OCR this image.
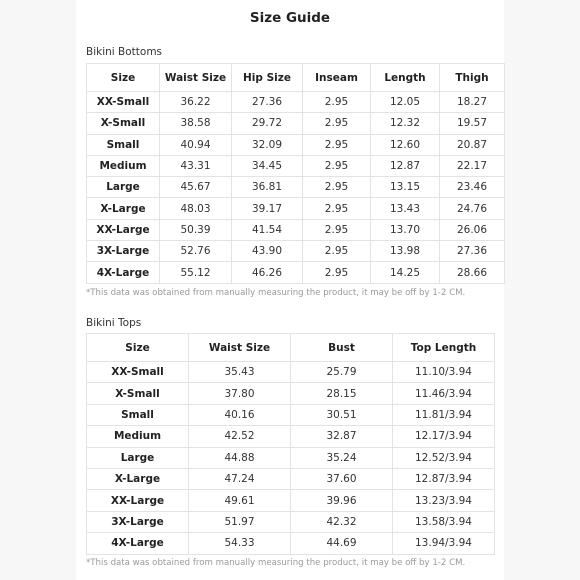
Size Guide
Bikini Bottoms
Size	Waist Size	Hip Size	Inseam	Length	Thigh
XX-Small	36.22	27.36	2.95	12.05	18.27
X-Small	38.58	29.72	2.95	12.32	19.57
Small	40.94	32.09	2.95	12.60	20.87
Medium	43.31	34.45	2.95	12.87	22.17
Large	45.67	36.81	2.95	13.15	23.46
X-Large	48.03	39.17	2.95	13.43	24.76
XX-Large	50.39	41.54	2.95	13.70	26.06
3X-Large	52.76	43.90	2.95	13.98	27.36
4X-Large	55.12	46.26	2.95	14.25	28.66
*This data was obtained from manually measuring the product, it may be off by 1-2 CM.
Bikini Tops
Size	Waist Size	Bust	Top Length
XX-Small	35.43	25.79	11.10/3.94
X-Small	37.80	28.15	11.46/3.94
Small	40.16	30.51	11.81/3.94
Medium	42.52	32.87	12.17/3.94
Large	44.88	35.24	12.52/3.94
X-Large	47.24	37.60	12.87/3.94
XX-Large	49.61	39.96	13.23/3.94
3X-Large	51.97	42.32	13.58/3.94
4X-Large	54.33	44.69	13.94/3.94
*This data was obtained from manually measuring the product, it may be off by 1-2 CM.
